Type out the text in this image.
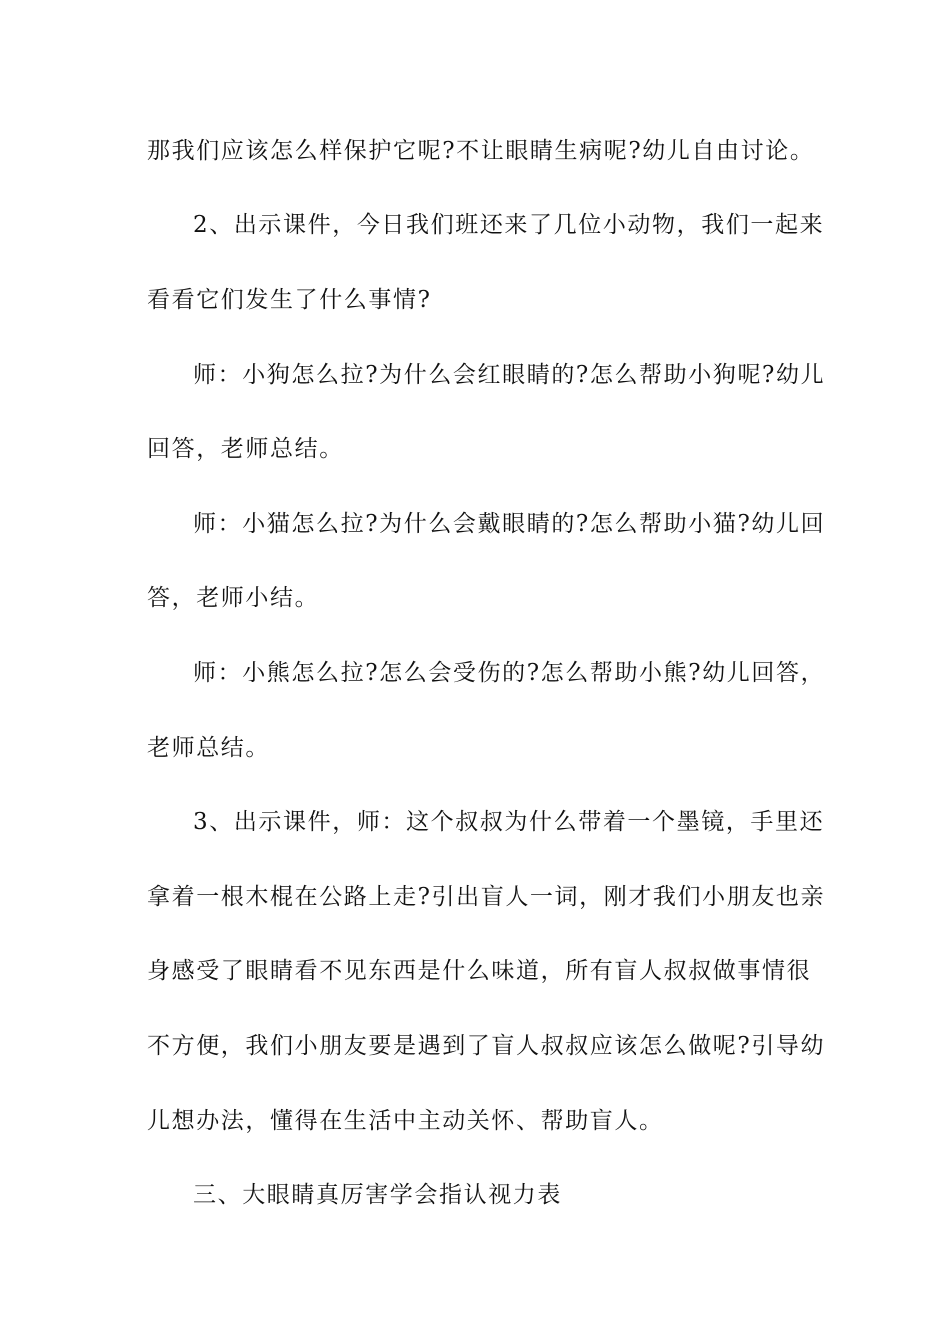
那我们应该怎么样保护它呢?不让眼睛生病呢?幼儿自由讨论。
2、出示课件，今日我们班还来了几位小动物，我们一起来
看看它们发生了什么事情?
师：小狗怎么拉?为什么会红眼睛的?怎么帮助小狗呢?幼儿
回答，老师总结。
师：小猫怎么拉?为什么会戴眼睛的?怎么帮助小猫?幼儿回
答，老师小结。
师：小熊怎么拉?怎么会受伤的?怎么帮助小熊?幼儿回答，
老师总结。
3、出示课件，师：这个叔叔为什么带着一个墨镜，手里还
拿着一根木棍在公路上走?引出盲人一词，刚才我们小朋友也亲
身感受了眼睛看不见东西是什么味道，所有盲人叔叔做事情很
不方便，我们小朋友要是遇到了盲人叔叔应该怎么做呢?引导幼
儿想办法，懂得在生活中主动关怀、帮助盲人。
三、大眼睛真厉害学会指认视力表
